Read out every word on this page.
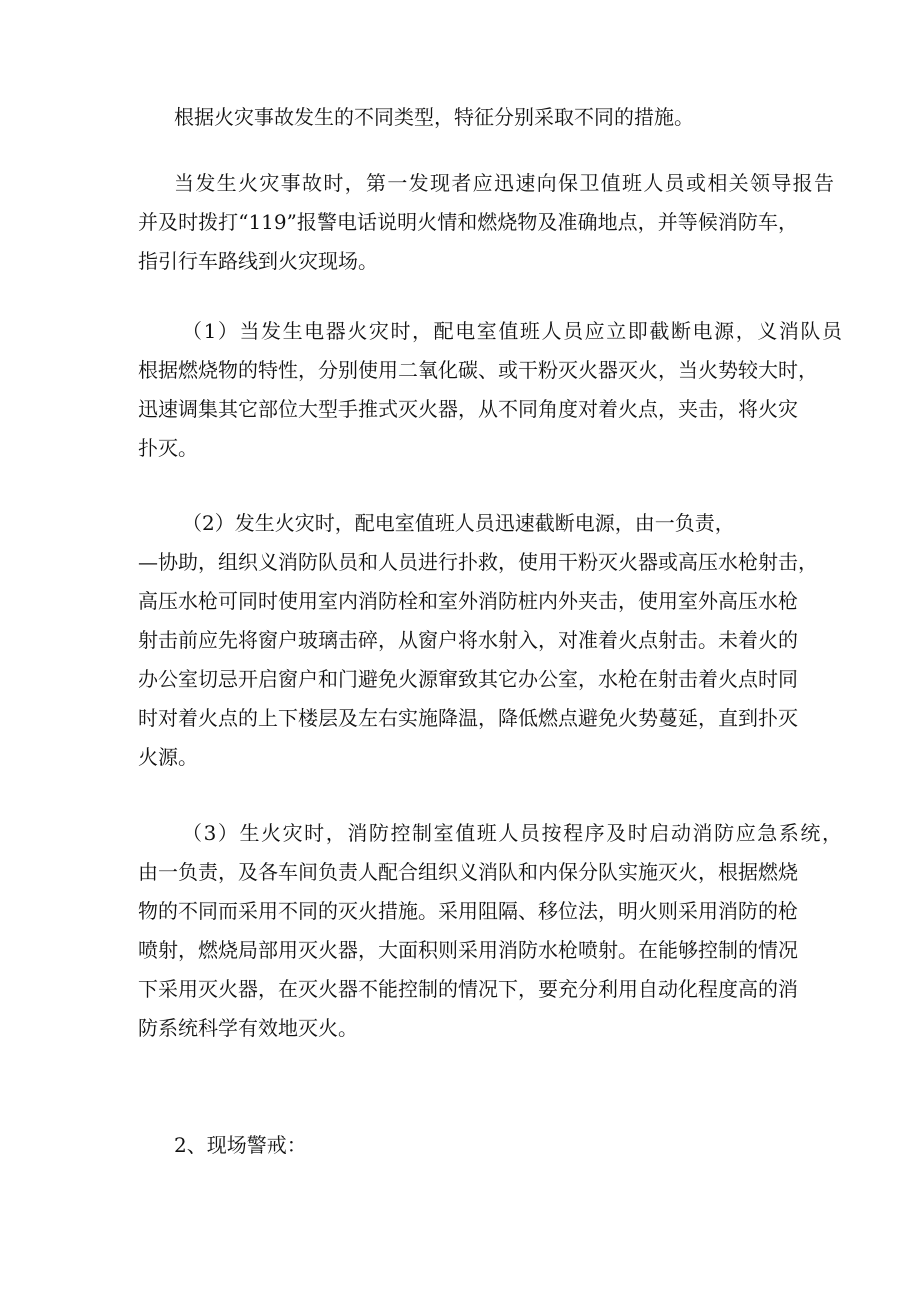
根据火灾事故发生的不同类型，特征分别采取不同的措施。

当发生火灾事故时，第一发现者应迅速向保卫值班人员或相关领导报告
并及时拨打“119”报警电话说明火情和燃烧物及准确地点，并等候消防车，
指引行车路线到火灾现场。

（1）当发生电器火灾时，配电室值班人员应立即截断电源，义消队员
根据燃烧物的特性，分别使用二氧化碳、或干粉灭火器灭火，当火势较大时，
迅速调集其它部位大型手推式灭火器，从不同角度对着火点，夹击，将火灾
扑灭。

（2）发生火灾时，配电室值班人员迅速截断电源，由一负责，
—协助，组织义消防队员和人员进行扑救，使用干粉灭火器或高压水枪射击，
高压水枪可同时使用室内消防栓和室外消防桩内外夹击，使用室外高压水枪
射击前应先将窗户玻璃击碎，从窗户将水射入，对准着火点射击。未着火的
办公室切忌开启窗户和门避免火源窜致其它办公室，水枪在射击着火点时同
时对着火点的上下楼层及左右实施降温，降低燃点避免火势蔓延，直到扑灭
火源。

（3）生火灾时，消防控制室值班人员按程序及时启动消防应急系统，
由一负责，及各车间负责人配合组织义消队和内保分队实施灭火，根据燃烧
物的不同而采用不同的灭火措施。采用阻隔、移位法，明火则采用消防的枪
喷射，燃烧局部用灭火器，大面积则采用消防水枪喷射。在能够控制的情况
下采用灭火器，在灭火器不能控制的情况下，要充分利用自动化程度高的消
防系统科学有效地灭火。

2、现场警戒：
